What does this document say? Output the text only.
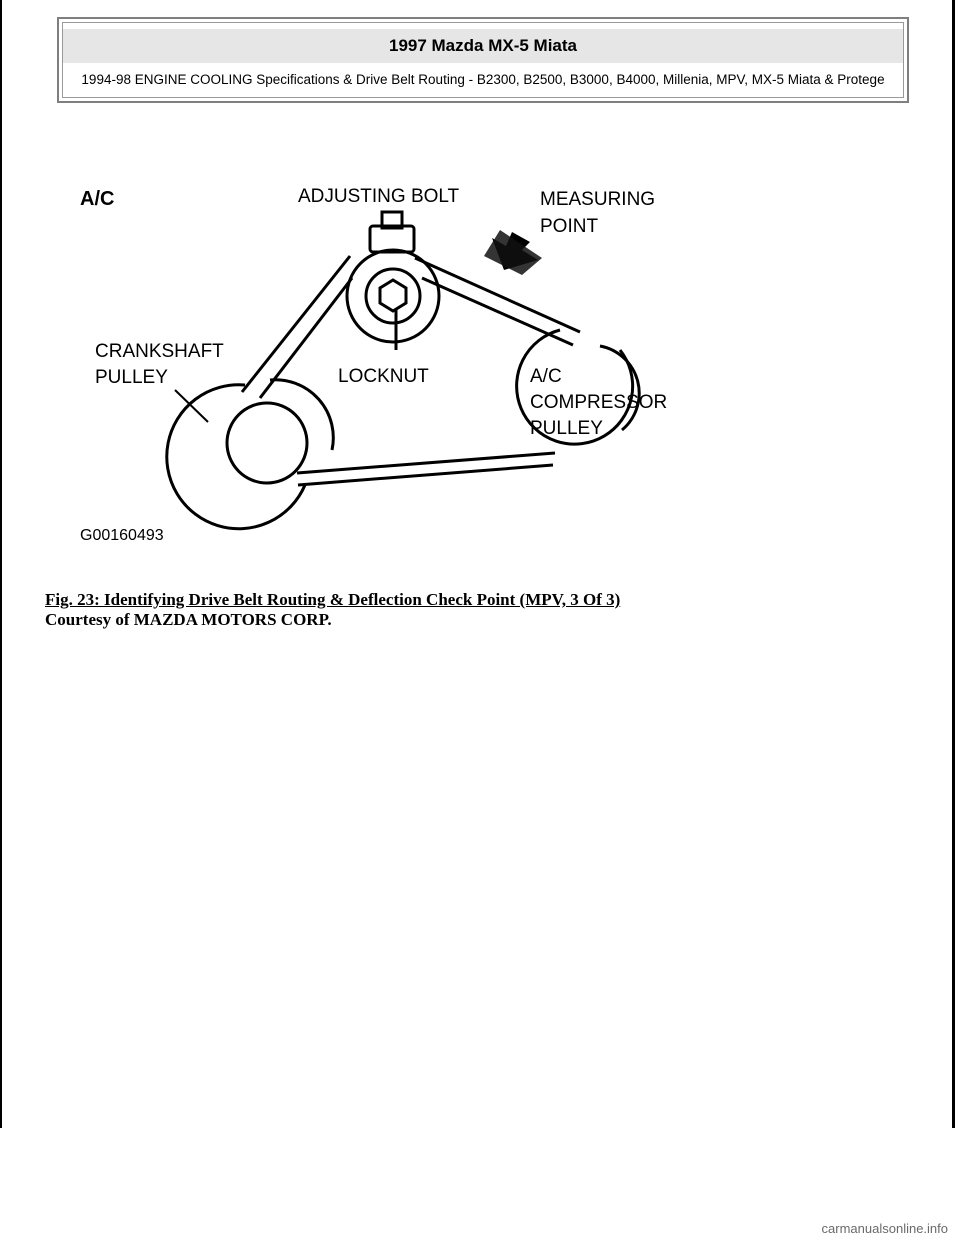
1997 Mazda MX-5 Miata
1994-98 ENGINE COOLING Specifications & Drive Belt Routing - B2300, B2500, B3000, B4000, Millenia, MPV, MX-5 Miata & Protege
A/C	ADJUSTING BOLT	MEASURING
POINT
CRANKSHAFT
PULLEY	LOCKNUT	A/C
COMPRESSOR
PULLEY
G00160493
Fig. 23: Identifying Drive Belt Routing & Deflection Check Point (MPV, 3 Of 3)
Courtesy of MAZDA MOTORS CORP.
carmanualsonline.info
